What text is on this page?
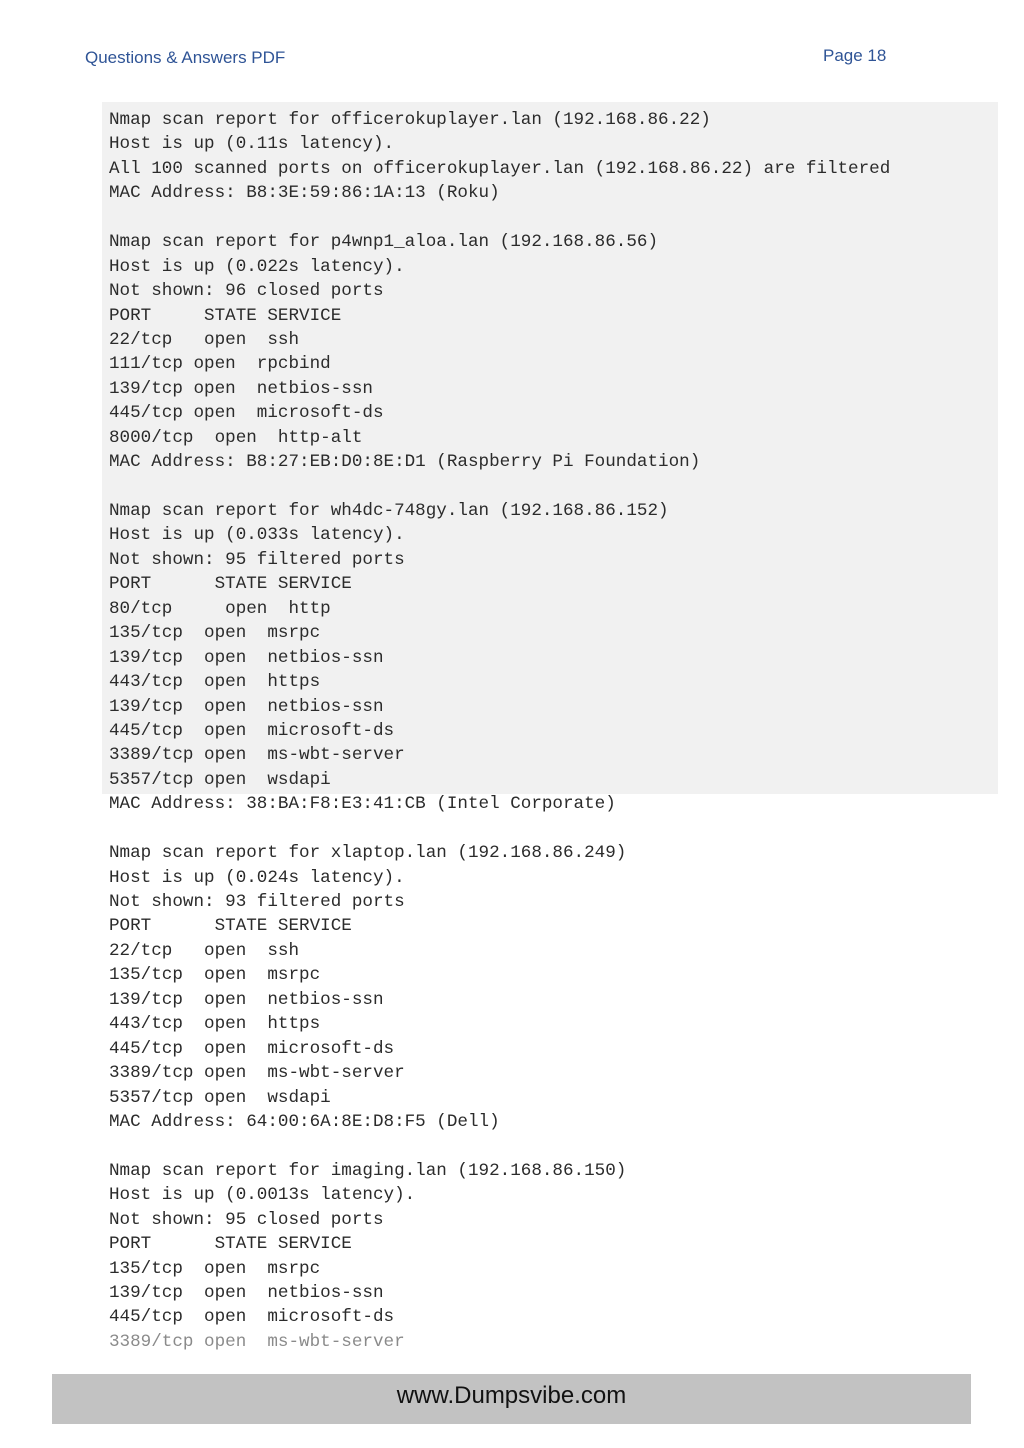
Questions & Answers PDF	Page 18
Nmap scan report for officerokuplayer.lan (192.168.86.22)
Host is up (0.11s latency).
All 100 scanned ports on officerokuplayer.lan (192.168.86.22) are filtered
MAC Address: B8:3E:59:86:1A:13 (Roku)

Nmap scan report for p4wnp1_aloa.lan (192.168.86.56)
Host is up (0.022s latency).
Not shown: 96 closed ports
PORT     STATE SERVICE
22/tcp   open  ssh
111/tcp open  rpcbind
139/tcp open  netbios-ssn
445/tcp open  microsoft-ds
8000/tcp  open  http-alt
MAC Address: B8:27:EB:D0:8E:D1 (Raspberry Pi Foundation)

Nmap scan report for wh4dc-748gy.lan (192.168.86.152)
Host is up (0.033s latency).
Not shown: 95 filtered ports
PORT      STATE SERVICE
80/tcp     open  http
135/tcp  open  msrpc
139/tcp  open  netbios-ssn
443/tcp  open  https
139/tcp  open  netbios-ssn
445/tcp  open  microsoft-ds
3389/tcp open  ms-wbt-server
5357/tcp open  wsdapi
MAC Address: 38:BA:F8:E3:41:CB (Intel Corporate)

Nmap scan report for xlaptop.lan (192.168.86.249)
Host is up (0.024s latency).
Not shown: 93 filtered ports
PORT      STATE SERVICE
22/tcp   open  ssh
135/tcp  open  msrpc
139/tcp  open  netbios-ssn
443/tcp  open  https
445/tcp  open  microsoft-ds
3389/tcp open  ms-wbt-server
5357/tcp open  wsdapi
MAC Address: 64:00:6A:8E:D8:F5 (Dell)

Nmap scan report for imaging.lan (192.168.86.150)
Host is up (0.0013s latency).
Not shown: 95 closed ports
PORT      STATE SERVICE
135/tcp  open  msrpc
139/tcp  open  netbios-ssn
445/tcp  open  microsoft-ds
3389/tcp open  ms-wbt-server
www.Dumpsvibe.com
